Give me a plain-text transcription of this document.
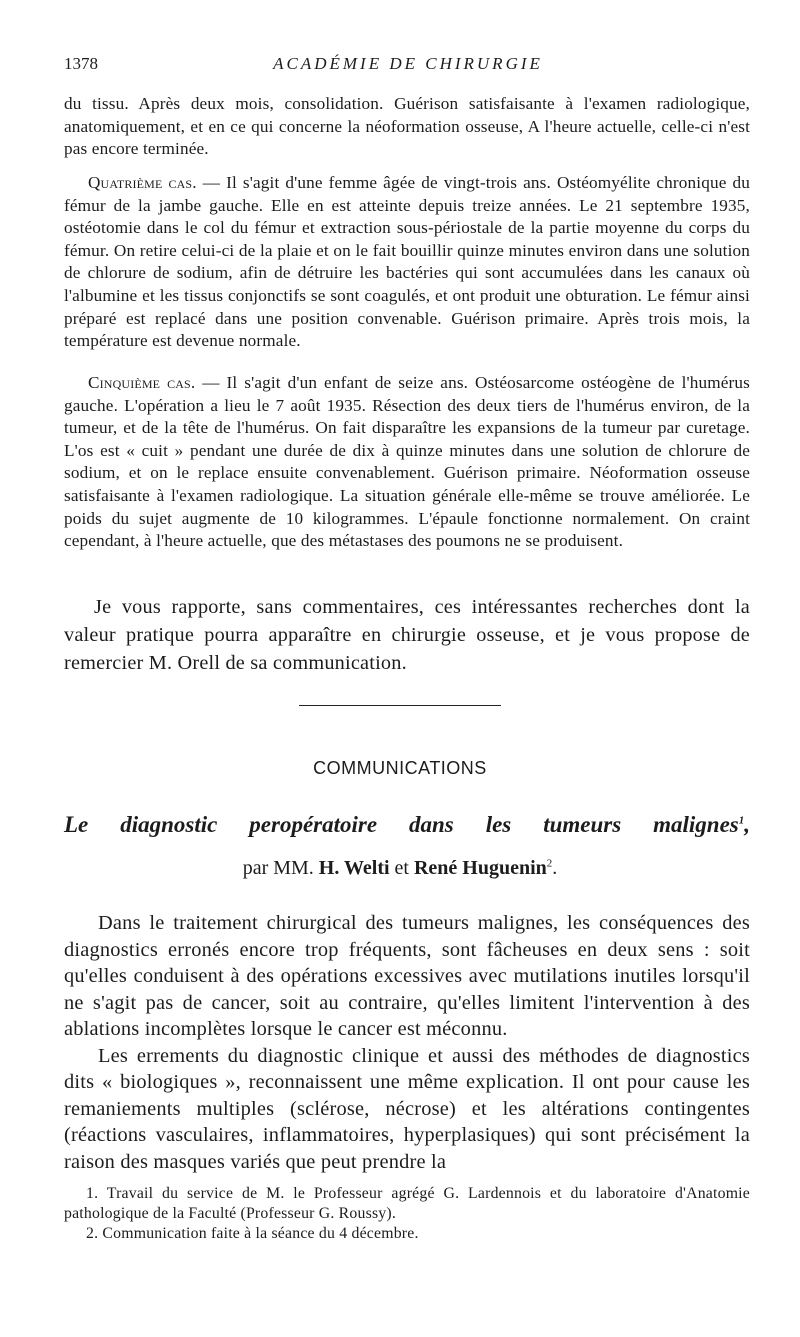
1378	ACADÉMIE DE CHIRURGIE

du tissu. Après deux mois, consolidation. Guérison satisfaisante à l'examen radiologique, anatomiquement, et en ce qui concerne la néoformation osseuse, A l'heure actuelle, celle-ci n'est pas encore terminée.

Quatrième cas. — Il s'agit d'une femme âgée de vingt-trois ans. Ostéomyélite chronique du fémur de la jambe gauche. Elle en est atteinte depuis treize années. Le 21 septembre 1935, ostéotomie dans le col du fémur et extraction sous-périostale de la partie moyenne du corps du fémur. On retire celui-ci de la plaie et on le fait bouillir quinze minutes environ dans une solution de chlorure de sodium, afin de détruire les bactéries qui sont accumulées dans les canaux où l'albumine et les tissus conjonctifs se sont coagulés, et ont produit une obturation. Le fémur ainsi préparé est replacé dans une position convenable. Guérison primaire. Après trois mois, la température est devenue normale.

Cinquième cas. — Il s'agit d'un enfant de seize ans. Ostéosarcome ostéogène de l'humérus gauche. L'opération a lieu le 7 août 1935. Résection des deux tiers de l'humérus environ, de la tumeur, et de la tête de l'humérus. On fait disparaître les expansions de la tumeur par curetage. L'os est « cuit » pendant une durée de dix à quinze minutes dans une solution de chlorure de sodium, et on le replace ensuite convenablement. Guérison primaire. Néoformation osseuse satisfaisante à l'examen radiologique. La situation générale elle-même se trouve améliorée. Le poids du sujet augmente de 10 kilogrammes. L'épaule fonctionne normalement. On craint cependant, à l'heure actuelle, que des métastases des poumons ne se produisent.

Je vous rapporte, sans commentaires, ces intéressantes recherches dont la valeur pratique pourra apparaître en chirurgie osseuse, et je vous propose de remercier M. Orell de sa communication.
COMMUNICATIONS
Le diagnostic peropératoire dans les tumeurs malignes$^1$,
par MM. H. Welti et René Huguenin$^2$.

Dans le traitement chirurgical des tumeurs malignes, les conséquences des diagnostics erronés encore trop fréquents, sont fâcheuses en deux sens : soit qu'elles conduisent à des opérations excessives avec mutilations inutiles lorsqu'il ne s'agit pas de cancer, soit au contraire, qu'elles limitent l'intervention à des ablations incomplètes lorsque le cancer est méconnu.

Les errements du diagnostic clinique et aussi des méthodes de diagnostics dits « biologiques », reconnaissent une même explication. Il ont pour cause les remaniements multiples (sclérose, nécrose) et les altérations contingentes (réactions vasculaires, inflammatoires, hyperplasiques) qui sont précisément la raison des masques variés que peut prendre la

1. Travail du service de M. le Professeur agrégé G. Lardennois et du laboratoire d'Anatomie pathologique de la Faculté (Professeur G. Roussy).

2. Communication faite à la séance du 4 décembre.
